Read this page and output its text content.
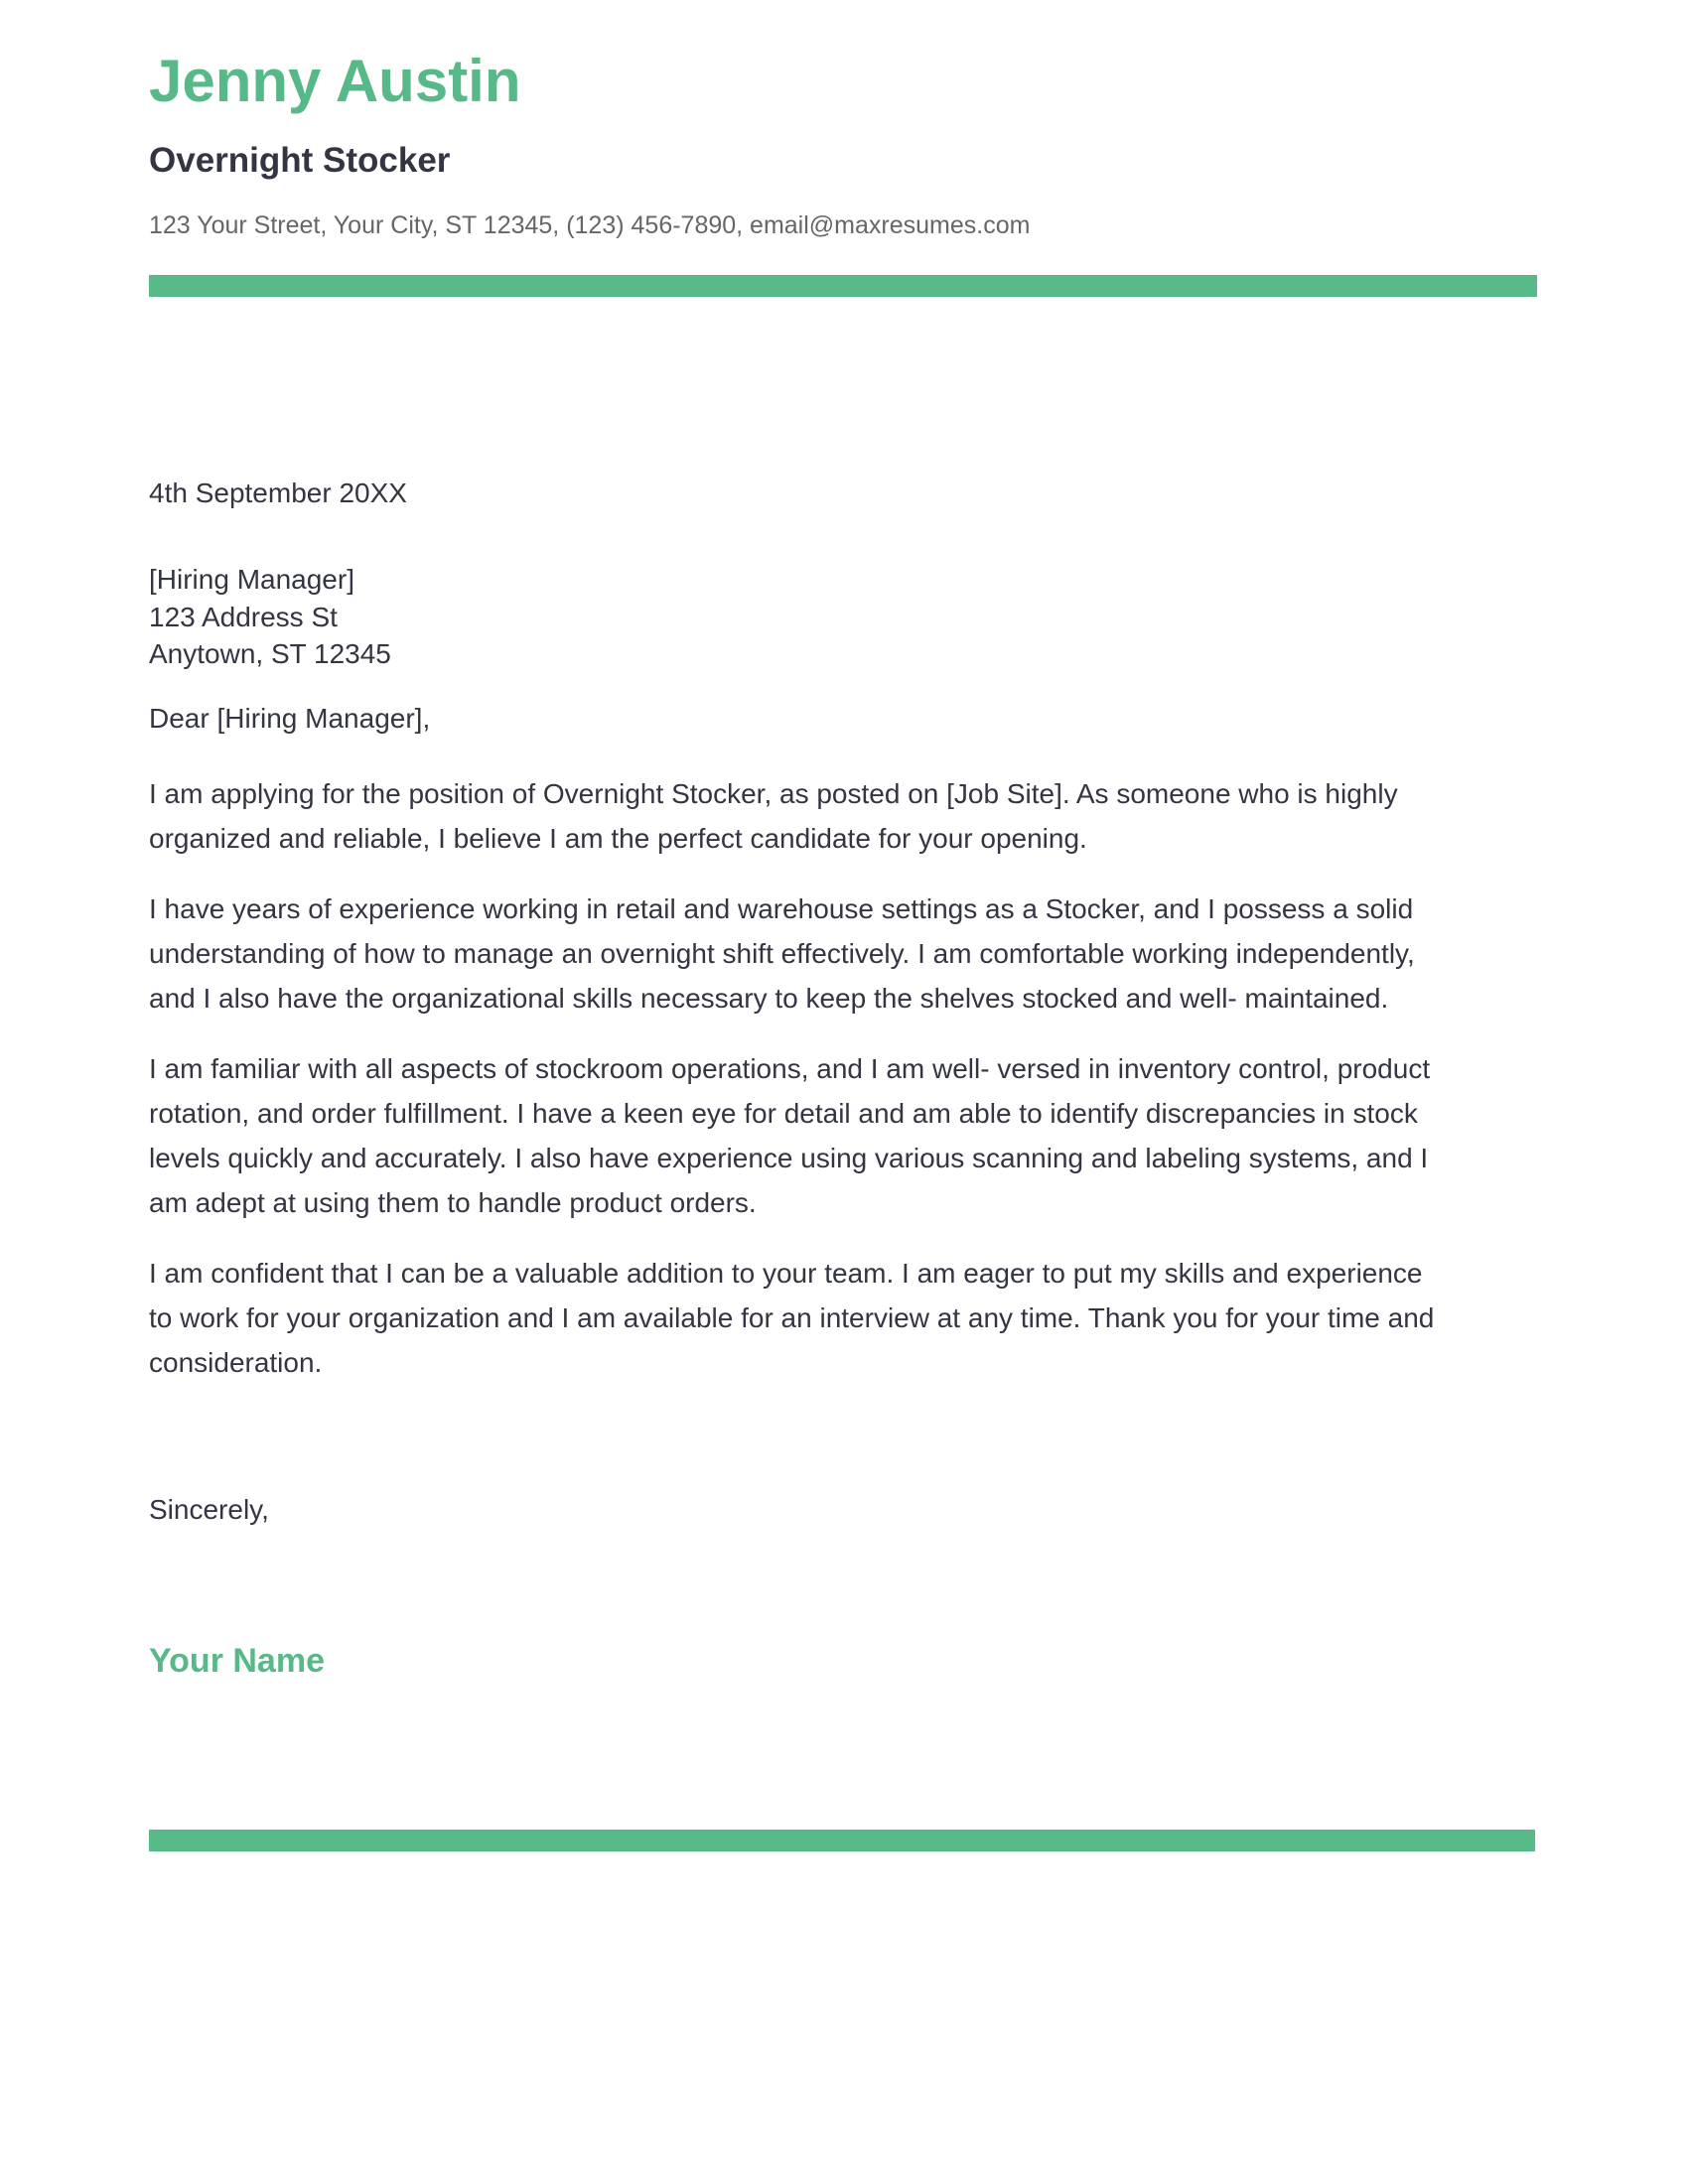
Jenny Austin
Overnight Stocker
123 Your Street, Your City, ST 12345, (123) 456-7890, email@maxresumes.com
4th September 20XX
[Hiring Manager]
123 Address St
Anytown, ST 12345
Dear [Hiring Manager],

I am applying for the position of Overnight Stocker, as posted on [Job Site]. As someone who is highly
organized and reliable, I believe I am the perfect candidate for your opening.

I have years of experience working in retail and warehouse settings as a Stocker, and I possess a solid
understanding of how to manage an overnight shift effectively. I am comfortable working independently,
and I also have the organizational skills necessary to keep the shelves stocked and well- maintained.

I am familiar with all aspects of stockroom operations, and I am well- versed in inventory control, product
rotation, and order fulfillment. I have a keen eye for detail and am able to identify discrepancies in stock
levels quickly and accurately. I also have experience using various scanning and labeling systems, and I
am adept at using them to handle product orders.

I am confident that I can be a valuable addition to your team. I am eager to put my skills and experience
to work for your organization and I am available for an interview at any time. Thank you for your time and
consideration.

Sincerely,
Your Name
